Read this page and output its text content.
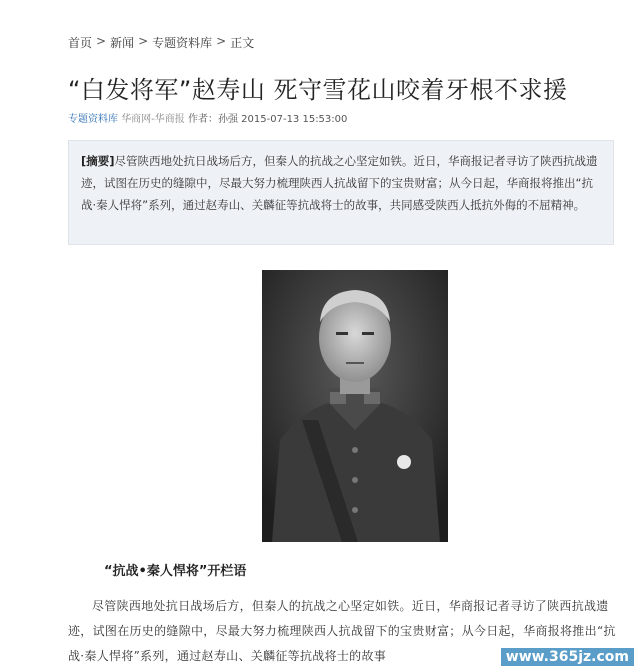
首页 > 新闻 > 专题资料库 > 正文
“白发将军”赵寿山 死守雪花山咬着牙根不求援
专题资料库 华商网-华商报 作者：孙强 2015-07-13 15:53:00
[摘要]尽管陕西地处抗日战场后方，但秦人的抗战之心坚定如铁。近日，华商报记者寻访了陕西抗战遗迹，试图在历史的缝隙中，尽最大努力梳理陕西人抗战留下的宝贵财富；从今日起，华商报将推出“抗战·秦人悍将”系列，通过赵寿山、关麟征等抗战将士的故事，共同感受陕西人抵抗外侮的不屈精神。
“抗战•秦人悍将”开栏语
尽管陕西地处抗日战场后方，但秦人的抗战之心坚定如铁。近日，华商报记者寻访了陕西抗战遗迹，试图在历史的缝隙中，尽最大努力梳理陕西人抗战留下的宝贵财富；从今日起，华商报将推出“抗战·秦人悍将”系列，通过赵寿山、关麟征等抗战将士的故事	www.365jz.com
